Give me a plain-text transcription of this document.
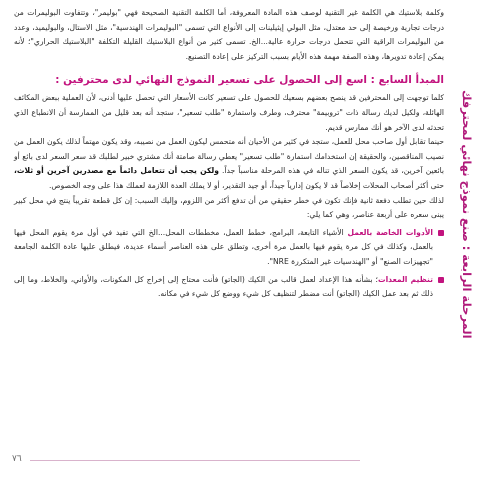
المرحلة الرابعة : صنع نموذج نهائي لمحترفك

وكلمة بلاستيك هي الكلمة غير التقنية لوصف هذه المادة المعروفة، أما الكلمة التقنية الصحيحة فهي "بوليمر"، وتتفاوت البوليمرات من درجات تجارية ورخيصة إلى حد معتدل، مثل البولي إيثيلينات إلى الأنواع التي تسمى "البوليمرات الهندسية"، مثل الاستال، والبوليميد، وعدد من البوليمرات الراقية التي تتحمل درجات حرارة عالية...الخ. تسمى كثير من أنواع البلاستيك القليلة التكلفة "البلاستيك الحراري"؛ لأنه يمكن إعادة تدويرها، وهذه الصفة مهمة هذه الأيام بسبب التركيز على إعادة التصنيع.

المبدأ السابع : اسع إلى الحصول على تسعير النموذج النهائي لدى محترفين :

كلما توجهت إلى المحترفين قد ينصح بعضهم بسعيك للحصول على تسعير كانت الأسعار التي تحصل عليها أدنى، لأن العملية ببعض المكائف الهائلة، ولكيل لديك رسالة ذات "تروبيمة" محترف، وطرف واستمارة "طلب تسعير"، ستجد أنه بعد قليل من الممارسة أن الانطباع الذي تحدثه لدى الآخر هو أنك ممارس قديم.

حينما تقابل أول صاحب محل للعمل، ستجد في كثير من الأحيان أنه متحمس ليكون العمل من نصيبه، وقد يكون مهتماً لذلك يكون العمل من نصيب المناقصين، والحقيقة إن استخدامك استمارة "طلب تسعير" يعطي رسالة صامتة أنك مشتري خبير لطلبك قد سعر السعر لدى بائع أو بائعين آخرين، قد يكون السعر الذي تناله في هذه المرحلة مناسباً جداً. ولكن يجب أن تتعامل دائماً مع مصدرين آخرين أو ثلاث، حتى أكثر أصحاب المحلات إخلاصاً قد لا يكون إدارياً جيداً، أو جيد التقدير، أو لا يملك العدة اللازمة لعملك هذا على وجه الخصوص.

لذلك حين تطلب دفعة ثانية فإنك تكون في خطر حقيقي من أن تدفع أكثر من اللزوم، وإليك السبب: إن كل قطعة تقريباً ينتج في محل كبير يبنى سعره على أربعة عناصر، وهي كما يلي:

الأدوات الخاصة بالعمل الأشياء التابعة، البرامج، خطط العمل، مخططات المحل...الخ التي تفيد في أول مرة يقوم المحل فيها بالعمل، وكذلك في كل مرة يقوم فيها بالعمل مرة أخرى، وتطلق على هذه العناصر أسماء عديدة، فيطلق عليها عادة الكلمة الجامعة "تجهيزات الصنع" أو "الهندسيات غير المتكررة NRE".
تنظيم المعدات؛ بشأنه هذا الإعداد لعمل قالب من الكيك (الجاتو) فأنت محتاج إلى إخراج كل المكونات، والأواني، والخلاط، وما إلى ذلك ثم بعد عمل الكيك (الجاتو) أنت مضطر لتنظيف كل شيء ووضع كل شيء في مكانه.
٧٦
